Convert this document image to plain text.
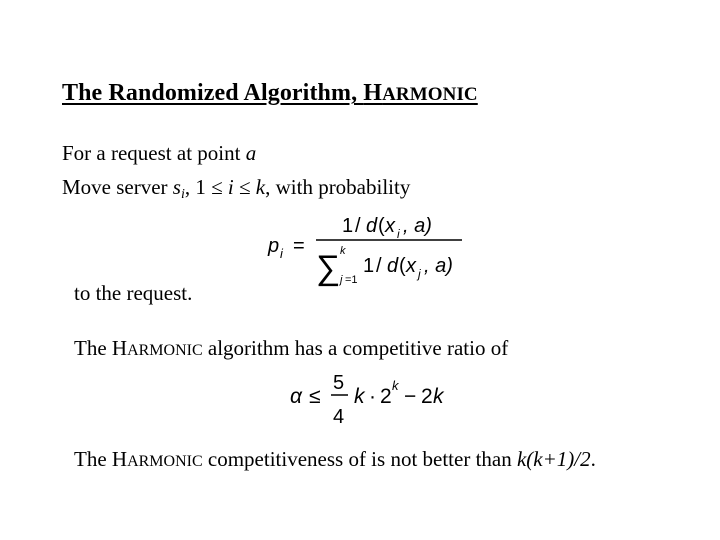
The Randomized Algorithm, HARMONIC
For a request at point a
Move server $s_i$, 1 ≤ i ≤ k, with probability
p i =
1 / d ( x i , a)
∑ k
j =1
1 / d ( x j , a)
to the request.
The HARMONIC algorithm has a competitive ratio of
α ≤
5
4
k · 2 k − 2 k
The HARMONIC competitiveness of is not better than k(k+1)/2.
